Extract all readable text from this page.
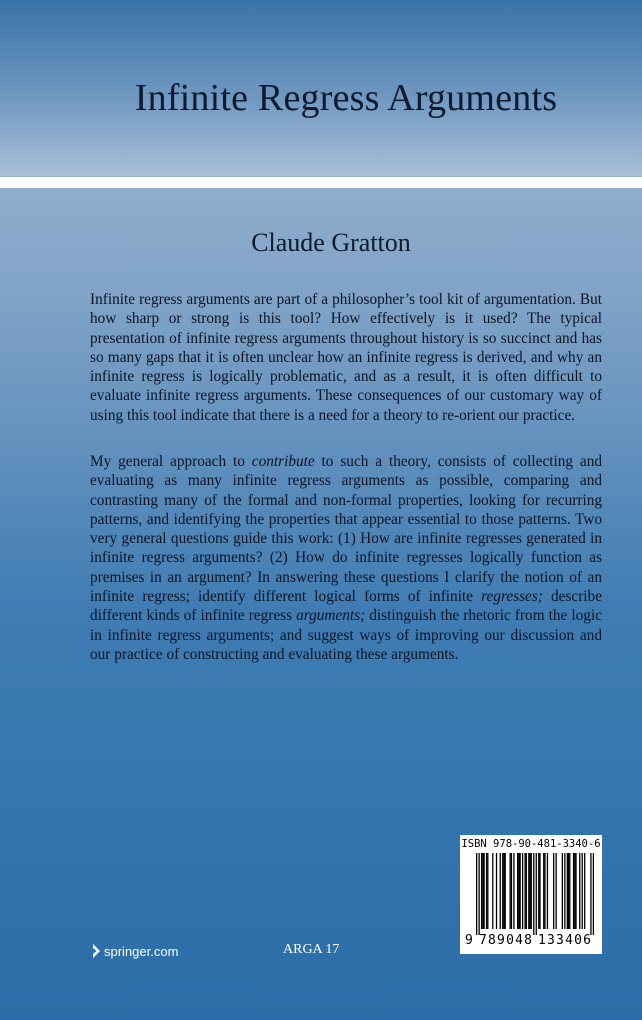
Infinite Regress Arguments
Claude Gratton

Infinite regress arguments are part of a philosopher’s tool kit of argumentation. But how sharp or strong is this tool? How effectively is it used? The typical presentation of infinite regress arguments throughout history is so succinct and has so many gaps that it is often unclear how an infinite regress is derived, and why an infinite regress is logically problematic, and as a result, it is often difficult to evaluate infinite regress arguments. These consequences of our customary way of using this tool indicate that there is a need for a theory to re-orient our practice.

My general approach to contribute to such a theory, consists of collecting and evaluating as many infinite regress arguments as possible, comparing and contrasting many of the formal and non-formal properties, looking for recurring patterns, and identifying the properties that appear essential to those patterns. Two very general questions guide this work: (1) How are infinite regresses generated in infinite regress arguments? (2) How do infinite regresses logically function as premises in an argument? In answering these questions I clarify the notion of an infinite regress; identify different logical forms of infinite regresses; describe different kinds of infinite regress arguments; distinguish the rhetoric from the logic in infinite regress arguments; and suggest ways of improving our discussion and our practice of constructing and evaluating these arguments.

ISBN 978-90-481-3340-6
9 789048 133406
springer.com	ARGA 17
